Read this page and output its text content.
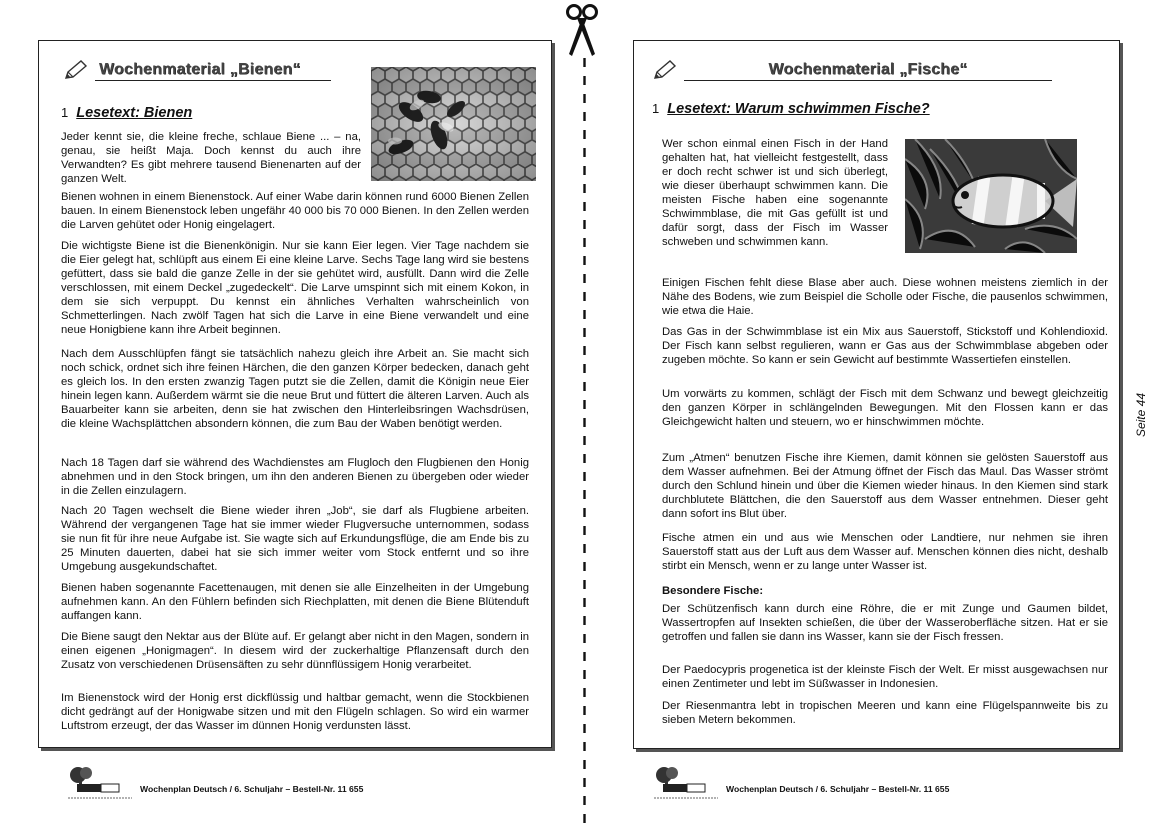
Wochenmaterial „Bienen“
1 Lesetext: Bienen

Jeder kennt sie, die kleine freche, schlaue Biene ... – na, genau, sie heißt Maja. Doch kennst du auch ihre Verwandten? Es gibt mehrere tausend Bienenarten auf der ganzen Welt.

Bienen wohnen in einem Bienenstock. Auf einer Wabe darin können rund 6000 Bienen Zellen bauen. In einem Bienenstock leben ungefähr 40 000 bis 70 000 Bienen. In den Zellen werden die Larven gehütet oder Honig eingelagert.

Die wichtigste Biene ist die Bienenkönigin. Nur sie kann Eier legen. Vier Tage nachdem sie die Eier gelegt hat, schlüpft aus einem Ei eine kleine Larve. Sechs Tage lang wird sie bestens gefüttert, dass sie bald die ganze Zelle in der sie gehütet wird, ausfüllt. Dann wird die Zelle verschlossen, mit einem Deckel „zugedeckelt“. Die Larve umspinnt sich mit einem Kokon, in dem sie sich verpuppt. Du kennst ein ähnliches Verhalten wahrscheinlich von Schmetterlingen. Nach zwölf Tagen hat sich die Larve in eine Biene verwandelt und eine neue Honigbiene kann ihre Arbeit beginnen.

Nach dem Ausschlüpfen fängt sie tatsächlich nahezu gleich ihre Arbeit an. Sie macht sich noch schick, ordnet sich ihre feinen Härchen, die den ganzen Körper bedecken, danach geht es gleich los. In den ersten zwanzig Tagen putzt sie die Zellen, damit die Königin neue Eier hinein legen kann. Außerdem wärmt sie die neue Brut und füttert die älteren Larven. Auch als Bauarbeiter kann sie arbeiten, denn sie hat zwischen den Hinterleibsringen Wachsdrüsen, die kleine Wachsplättchen absondern können, die zum Bau der Waben benötigt werden.

Nach 18 Tagen darf sie während des Wachdienstes am Flugloch den Flugbienen den Honig abnehmen und in den Stock bringen, um ihn den anderen Bienen zu übergeben oder wieder in die Zellen einzulagern.

Nach 20 Tagen wechselt die Biene wieder ihren „Job“, sie darf als Flugbiene arbeiten. Während der vergangenen Tage hat sie immer wieder Flugversuche unternommen, sodass sie nun fit für ihre neue Aufgabe ist. Sie wagte sich auf Erkundungsflüge, die am Ende bis zu 25 Minuten dauerten, dabei hat sie sich immer weiter vom Stock entfernt und so ihre Umgebung ausgekundschaftet.

Bienen haben sogenannte Facettenaugen, mit denen sie alle Einzelheiten in der Umgebung aufnehmen kann. An den Fühlern befinden sich Riechplatten, mit denen die Biene Blütenduft auffangen kann.

Die Biene saugt den Nektar aus der Blüte auf. Er gelangt aber nicht in den Magen, sondern in einen eigenen „Honigmagen“. In diesem wird der zuckerhaltige Pflanzensaft durch den Zusatz von verschiedenen Drüsensäften zu sehr dünnflüssigem Honig verarbeitet.

Im Bienenstock wird der Honig erst dickflüssig und haltbar gemacht, wenn die Stockbienen dicht gedrängt auf der Honigwabe sitzen und mit den Flügeln schlagen. So wird ein warmer Luftstrom erzeugt, der das Wasser im dünnen Honig verdunsten lässt.

Wochenmaterial „Fische“
1 Lesetext: Warum schwimmen Fische?

Wer schon einmal einen Fisch in der Hand gehalten hat, hat vielleicht festgestellt, dass er doch recht schwer ist und sich überlegt, wie dieser überhaupt schwimmen kann. Die meisten Fische haben eine sogenannte Schwimmblase, die mit Gas gefüllt ist und dafür sorgt, dass der Fisch im Wasser schweben und schwimmen kann.

Einigen Fischen fehlt diese Blase aber auch. Diese wohnen meistens ziemlich in der Nähe des Bodens, wie zum Beispiel die Scholle oder Fische, die pausenlos schwimmen, wie etwa die Haie.

Das Gas in der Schwimmblase ist ein Mix aus Sauerstoff, Stickstoff und Kohlendioxid. Der Fisch kann selbst regulieren, wann er Gas aus der Schwimmblase abgeben oder zugeben möchte. So kann er sein Gewicht auf bestimmte Wassertiefen einstellen.

Um vorwärts zu kommen, schlägt der Fisch mit dem Schwanz und bewegt gleichzeitig den ganzen Körper in schlängelnden Bewegungen. Mit den Flossen kann er das Gleichgewicht halten und steuern, wo er hinschwimmen möchte.

Zum „Atmen“ benutzen Fische ihre Kiemen, damit können sie gelösten Sauerstoff aus dem Wasser aufnehmen. Bei der Atmung öffnet der Fisch das Maul. Das Wasser strömt durch den Schlund hinein und über die Kiemen wieder hinaus. In den Kiemen sind stark durchblutete Blättchen, die den Sauerstoff aus dem Wasser entnehmen. Dieser geht dann sofort ins Blut über.

Fische atmen ein und aus wie Menschen oder Landtiere, nur nehmen sie ihren Sauerstoff statt aus der Luft aus dem Wasser auf. Menschen können dies nicht, deshalb stirbt ein Mensch, wenn er zu lange unter Wasser ist.

Besondere Fische:

Der Schützenfisch kann durch eine Röhre, die er mit Zunge und Gaumen bildet, Wassertropfen auf Insekten schießen, die über der Wasseroberfläche sitzen. Hat er sie getroffen und fallen sie dann ins Wasser, kann sie der Fisch fressen.

Der Paedocypris progenetica ist der kleinste Fisch der Welt. Er misst ausgewachsen nur einen Zentimeter und lebt im Süßwasser in Indonesien.

Der Riesenmantra lebt in tropischen Meeren und kann eine Flügelspannweite bis zu sieben Metern bekommen.

Wochenplan Deutsch / 6. Schuljahr – Bestell-Nr. 11 655	Wochenplan Deutsch / 6. Schuljahr – Bestell-Nr. 11 655
Seite 44
